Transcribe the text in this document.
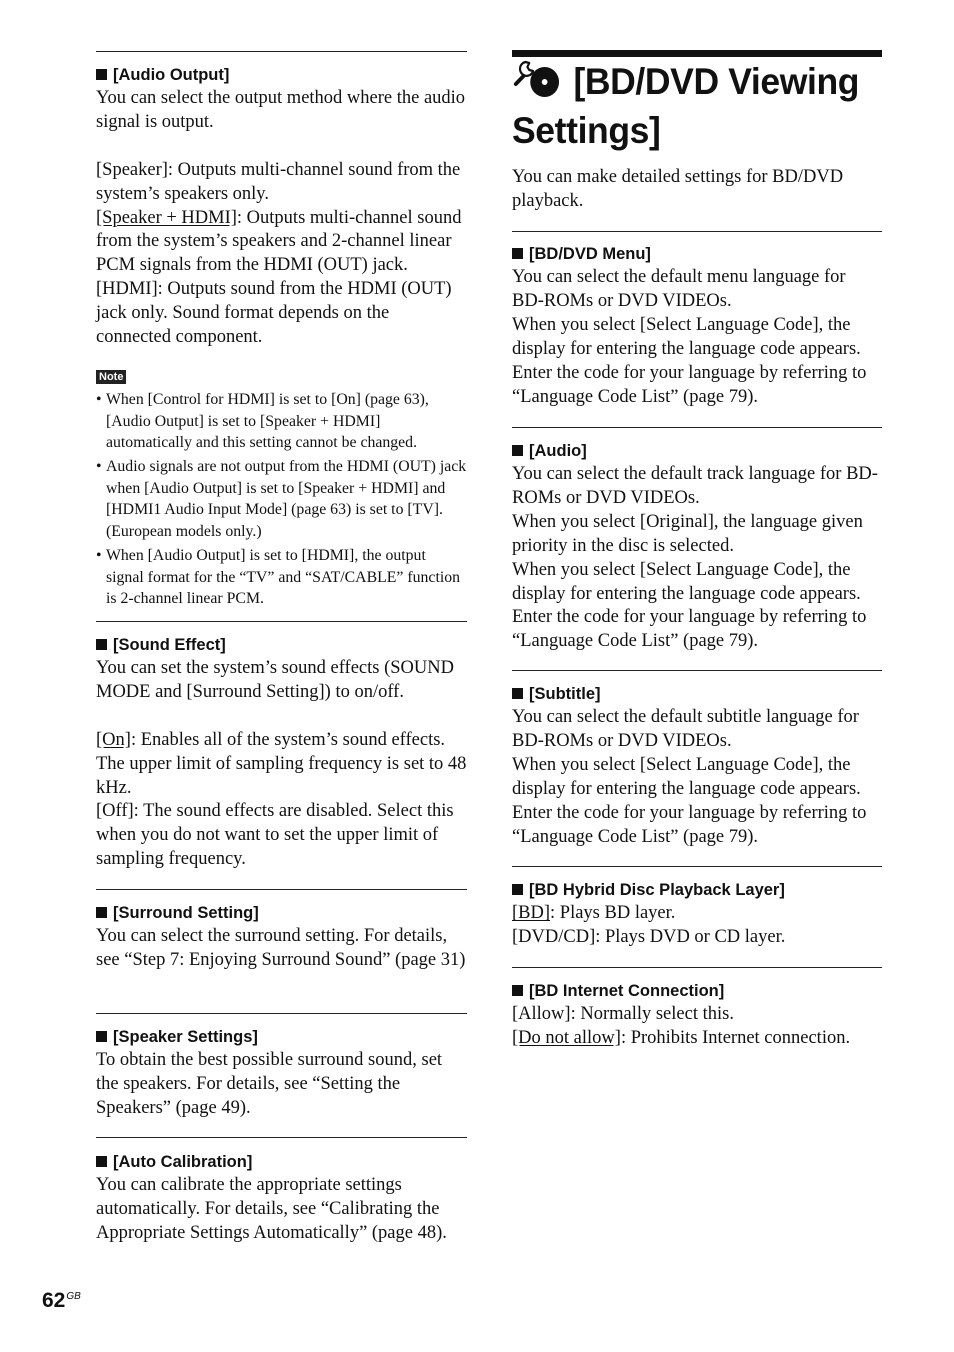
[Audio Output]

You can select the output method where the audio signal is output.

[Speaker]: Outputs multi-channel sound from the system’s speakers only.

[Speaker + HDMI]: Outputs multi-channel sound from the system’s speakers and 2-channel linear PCM signals from the HDMI (OUT) jack.

[HDMI]: Outputs sound from the HDMI (OUT) jack only. Sound format depends on the connected component.

Note
• When [Control for HDMI] is set to [On] (page 63), [Audio Output] is set to [Speaker + HDMI] automatically and this setting cannot be changed.
• Audio signals are not output from the HDMI (OUT) jack when [Audio Output] is set to [Speaker + HDMI] and [HDMI1 Audio Input Mode] (page 63) is set to [TV]. (European models only.)
• When [Audio Output] is set to [HDMI], the output signal format for the “TV” and “SAT/CABLE” function is 2-channel linear PCM.

[Sound Effect]

You can set the system’s sound effects (SOUND MODE and [Surround Setting]) to on/off.

[On]: Enables all of the system’s sound effects. The upper limit of sampling frequency is set to 48 kHz.

[Off]: The sound effects are disabled. Select this when you do not want to set the upper limit of sampling frequency.

[Surround Setting]

You can select the surround setting. For details, see “Step 7: Enjoying Surround Sound” (page 31)

[Speaker Settings]

To obtain the best possible surround sound, set the speakers. For details, see “Setting the Speakers” (page 49).

[Auto Calibration]

You can calibrate the appropriate settings automatically. For details, see “Calibrating the Appropriate Settings Automatically” (page 48).

[BD/DVD Viewing Settings]

You can make detailed settings for BD/DVD playback.

[BD/DVD Menu]

You can select the default menu language for BD-ROMs or DVD VIDEOs.

When you select [Select Language Code], the display for entering the language code appears. Enter the code for your language by referring to “Language Code List” (page 79).

[Audio]

You can select the default track language for BD-ROMs or DVD VIDEOs.

When you select [Original], the language given priority in the disc is selected.

When you select [Select Language Code], the display for entering the language code appears. Enter the code for your language by referring to “Language Code List” (page 79).

[Subtitle]

You can select the default subtitle language for BD-ROMs or DVD VIDEOs.

When you select [Select Language Code], the display for entering the language code appears. Enter the code for your language by referring to “Language Code List” (page 79).

[BD Hybrid Disc Playback Layer]

[BD]: Plays BD layer.

[DVD/CD]: Plays DVD or CD layer.

[BD Internet Connection]

[Allow]: Normally select this.

[Do not allow]: Prohibits Internet connection.

$62^{GB}$
